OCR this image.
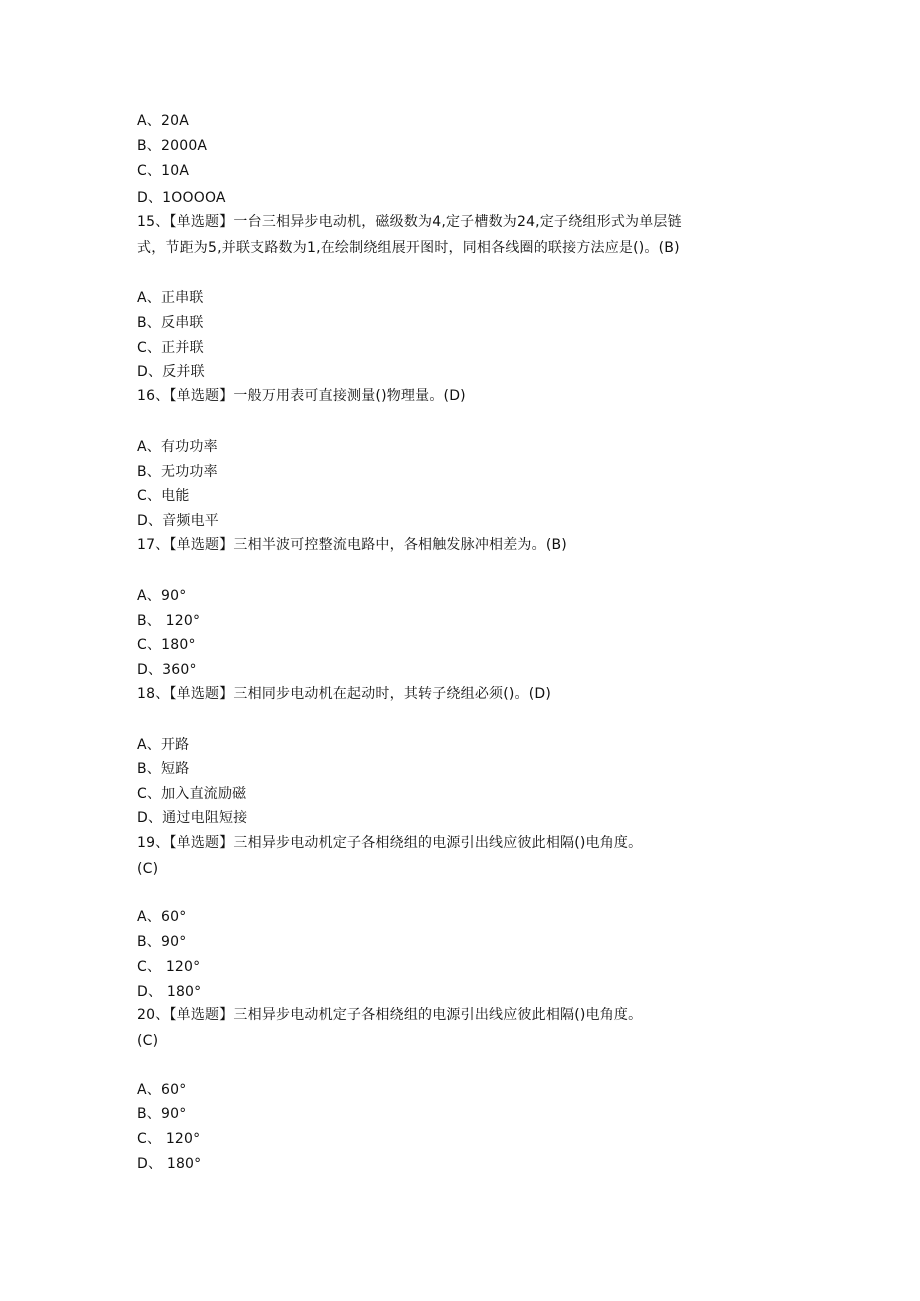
A、20A
B、2000A
C、10A
D、1OOOOA
15、【单选题】一台三相异步电动机，磁级数为4,定子槽数为24,定子绕组形式为单层链
式，节距为5,并联支路数为1,在绘制绕组展开图时，同相各线圈的联接方法应是()。(B)
A、正串联
B、反串联
C、正并联
D、反并联
16、【单选题】一般万用表可直接测量()物理量。(D)
A、有功功率
B、无功功率
C、电能
D、音频电平
17、【单选题】三相半波可控整流电路中，各相触发脉冲相差为。(B)
A、90°
B、 120°
C、180°
D、360°
18、【单选题】三相同步电动机在起动时，其转子绕组必须()。(D)
A、开路
B、短路
C、加入直流励磁
D、通过电阻短接
19、【单选题】三相异步电动机定子各相绕组的电源引出线应彼此相隔()电角度。
(C)
A、60°
B、90°
C、 120°
D、 180°
20、【单选题】三相异步电动机定子各相绕组的电源引出线应彼此相隔()电角度。
(C)
A、60°
B、90°
C、 120°
D、 180°
